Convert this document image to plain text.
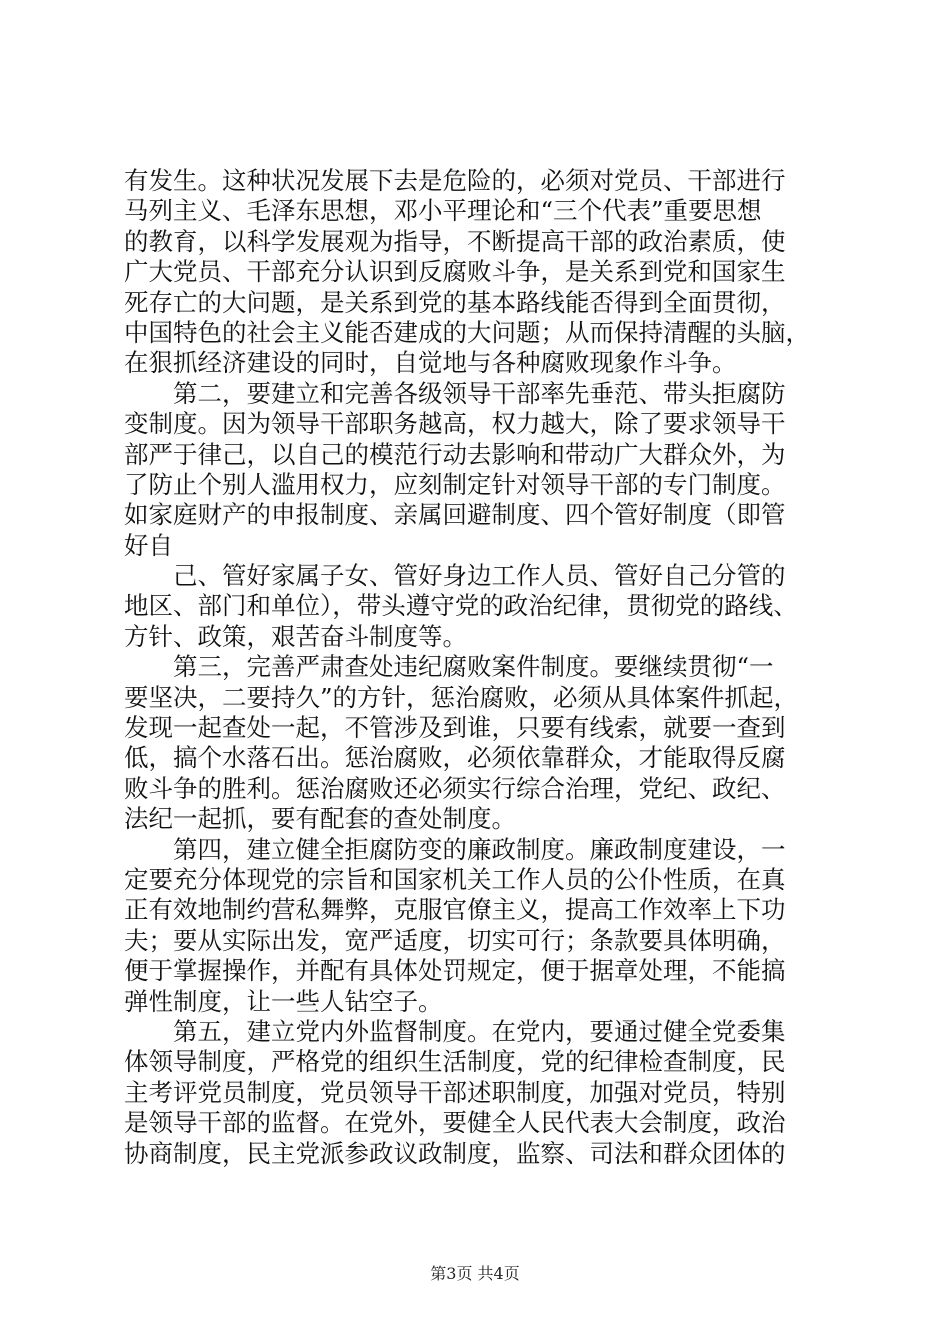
有发生。这种状况发展下去是危险的，必须对党员、干部进行
马列主义、毛泽东思想，邓小平理论和“三个代表”重要思想
的教育，以科学发展观为指导，不断提高干部的政治素质，使
广大党员、干部充分认识到反腐败斗争，是关系到党和国家生
死存亡的大问题，是关系到党的基本路线能否得到全面贯彻，
中国特色的社会主义能否建成的大问题；从而保持清醒的头脑，
在狠抓经济建设的同时，自觉地与各种腐败现象作斗争。
　　第二，要建立和完善各级领导干部率先垂范、带头拒腐防
变制度。因为领导干部职务越高，权力越大，除了要求领导干
部严于律己，以自己的模范行动去影响和带动广大群众外，为
了防止个别人滥用权力，应刻制定针对领导干部的专门制度。
如家庭财产的申报制度、亲属回避制度、四个管好制度（即管
好自
　　己、管好家属子女、管好身边工作人员、管好自己分管的
地区、部门和单位），带头遵守党的政治纪律，贯彻党的路线、
方针、政策，艰苦奋斗制度等。
　　第三，完善严肃查处违纪腐败案件制度。要继续贯彻“一
要坚决，二要持久”的方针，惩治腐败，必须从具体案件抓起，
发现一起查处一起，不管涉及到谁，只要有线索，就要一查到
低，搞个水落石出。惩治腐败，必须依靠群众，才能取得反腐
败斗争的胜利。惩治腐败还必须实行综合治理，党纪、政纪、
法纪一起抓，要有配套的查处制度。
　　第四，建立健全拒腐防变的廉政制度。廉政制度建设，一
定要充分体现党的宗旨和国家机关工作人员的公仆性质，在真
正有效地制约营私舞弊，克服官僚主义，提高工作效率上下功
夫；要从实际出发，宽严适度，切实可行；条款要具体明确，
便于掌握操作，并配有具体处罚规定，便于据章处理，不能搞
弹性制度，让一些人钻空子。
　　第五，建立党内外监督制度。在党内，要通过健全党委集
体领导制度，严格党的组织生活制度，党的纪律检查制度，民
主考评党员制度，党员领导干部述职制度，加强对党员，特别
是领导干部的监督。在党外，要健全人民代表大会制度，政治
协商制度，民主党派参政议政制度，监察、司法和群众团体的
第3页 共4页
